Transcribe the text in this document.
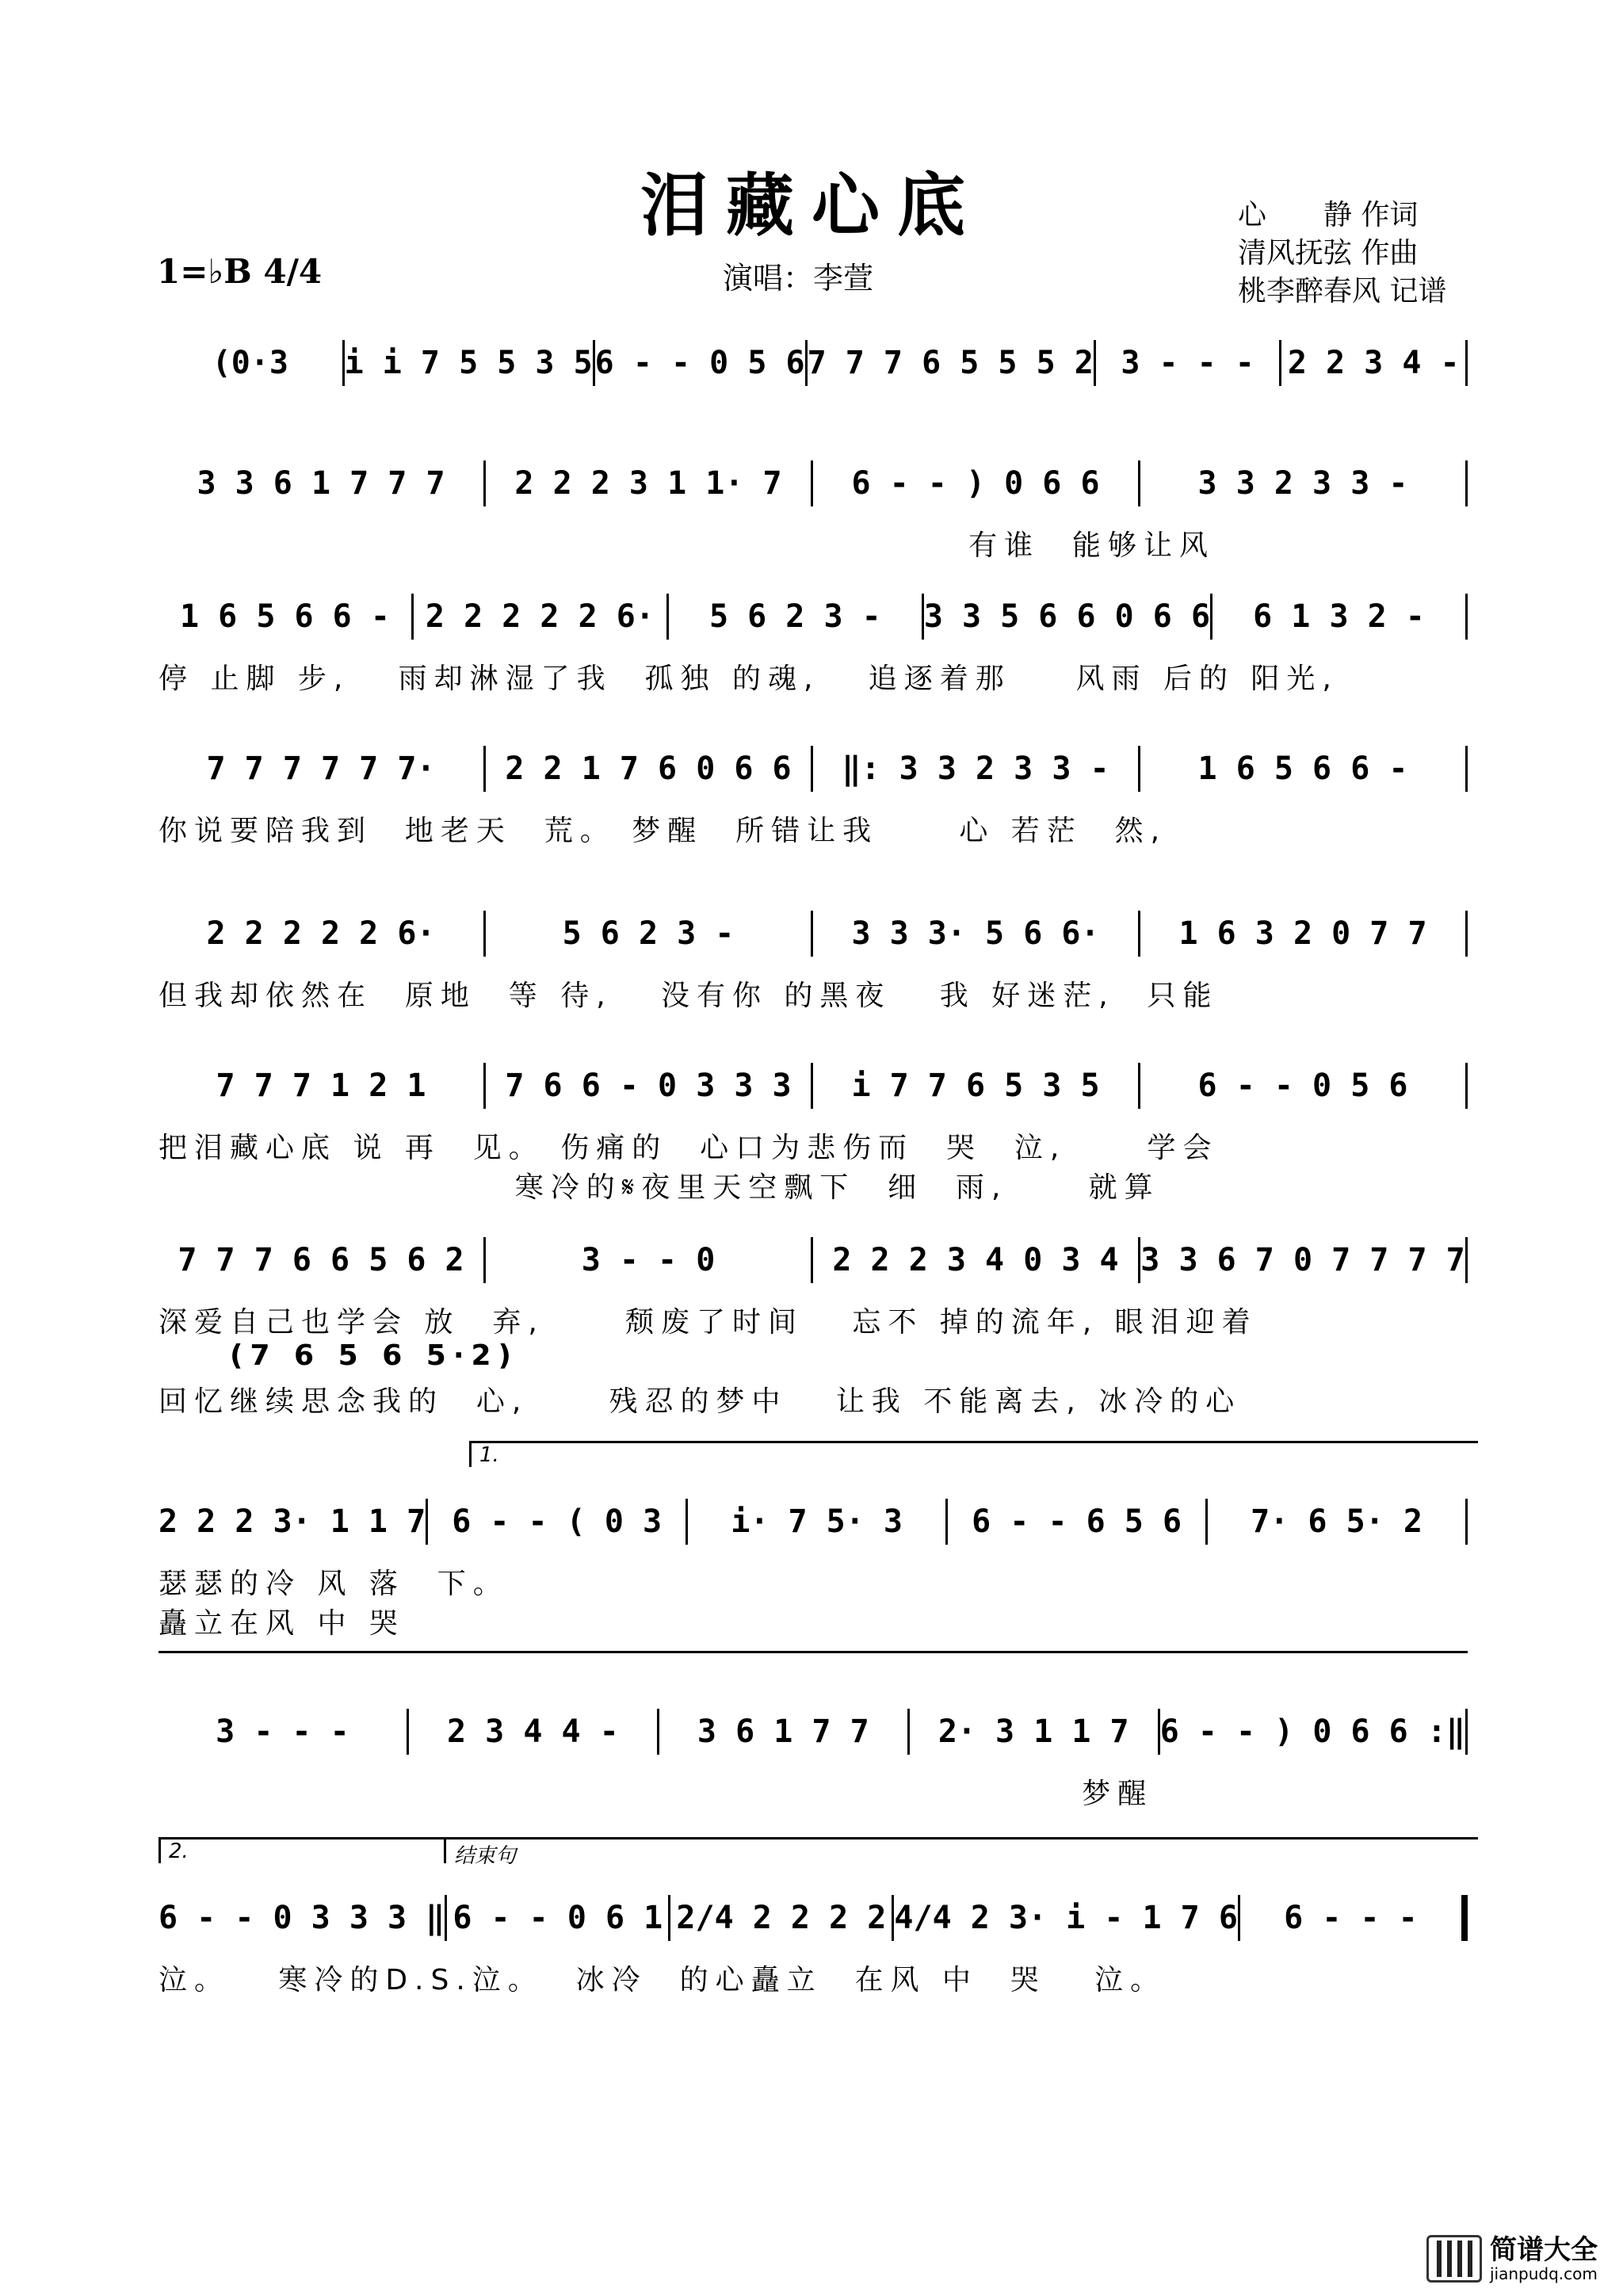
泪藏心底
1=♭B 4/4	演唱：李萱
心　　静 作词
清风抚弦 作曲
桃李醉春风 记谱
(0·3	i i 7 5 5 3 5 6 - - 0 5 6 7 7 7 6 5 5 5 2 3 - - -	2 2 3 4 -
3 3 6 1 7 7 7	2 2 2 3 1 1· 7	6 - - ) 0 6 6	3 3 2 3 3 -
有谁  能够让风
1 6 5 6 6 -	2 2 2 2 2 6·	5 6 2 3 -	3 3 5 6 6 0 6 6	6 1 3 2 -
停 止脚 步,   雨却淋湿了我  孤独 的魂,   追逐着那    风雨 后的 阳光,
7 7 7 7 7 7·	2 2 1 7 6 0 6 6	‖: 3 3 2 3 3 -	1 6 5 6 6 -
你说要陪我到  地老天  荒。 梦醒  所错让我     心 若茫  然,
2 2 2 2 2 6·	5 6 2 3 -	3 3 3· 5 6 6·	1 6 3 2 0 7 7
但我却依然在  原地  等 待,   没有你 的黑夜   我 好迷茫,  只能
7 7 7 1 2 1	7 6 6 - 0 3 3 3	i 7 7 6 5 3 5	6 - - 0 5 6
把泪藏心底 说 再  见。 伤痛的  心口为悲伤而  哭  泣,     学会
寒冷的𝄋夜里天空飘下  细  雨,     就算
7 7 7 6 6 5 6 2	3 - - 0	2 2 2 3 4 0 3 4 3 3 6 7 0 7 7 7 7
(7 6 5 6 5·2)
深爱自己也学会 放  弃,     颓废了时间   忘不 掉的流年, 眼泪迎着
回忆继续思念我的  心,     残忍的梦中   让我 不能离去, 冰冷的心
1.
2 2 2 3· 1 1 7 6 - - ( 0 3	i· 7 5· 3	6 - - 6 5 6	7· 6 5· 2
瑟瑟的冷 风 落  下。
矗立在风 中 哭
3 - - -	2 3 4 4 -	3 6 1 7 7	2· 3 1 1 7 6 - - ) 0 6 6 :‖
梦醒
2.	结束句
6 - - 0 3 3 3 ‖ 6 - - 0 6 1 2/4 2 2 2 2 4/4 2 3· i - 1 7 6	6 - - -
泣。   寒冷的D.S.泣。  冰冷  的心矗立  在风 中  哭   泣。
简谱大全
jianpudq.com
